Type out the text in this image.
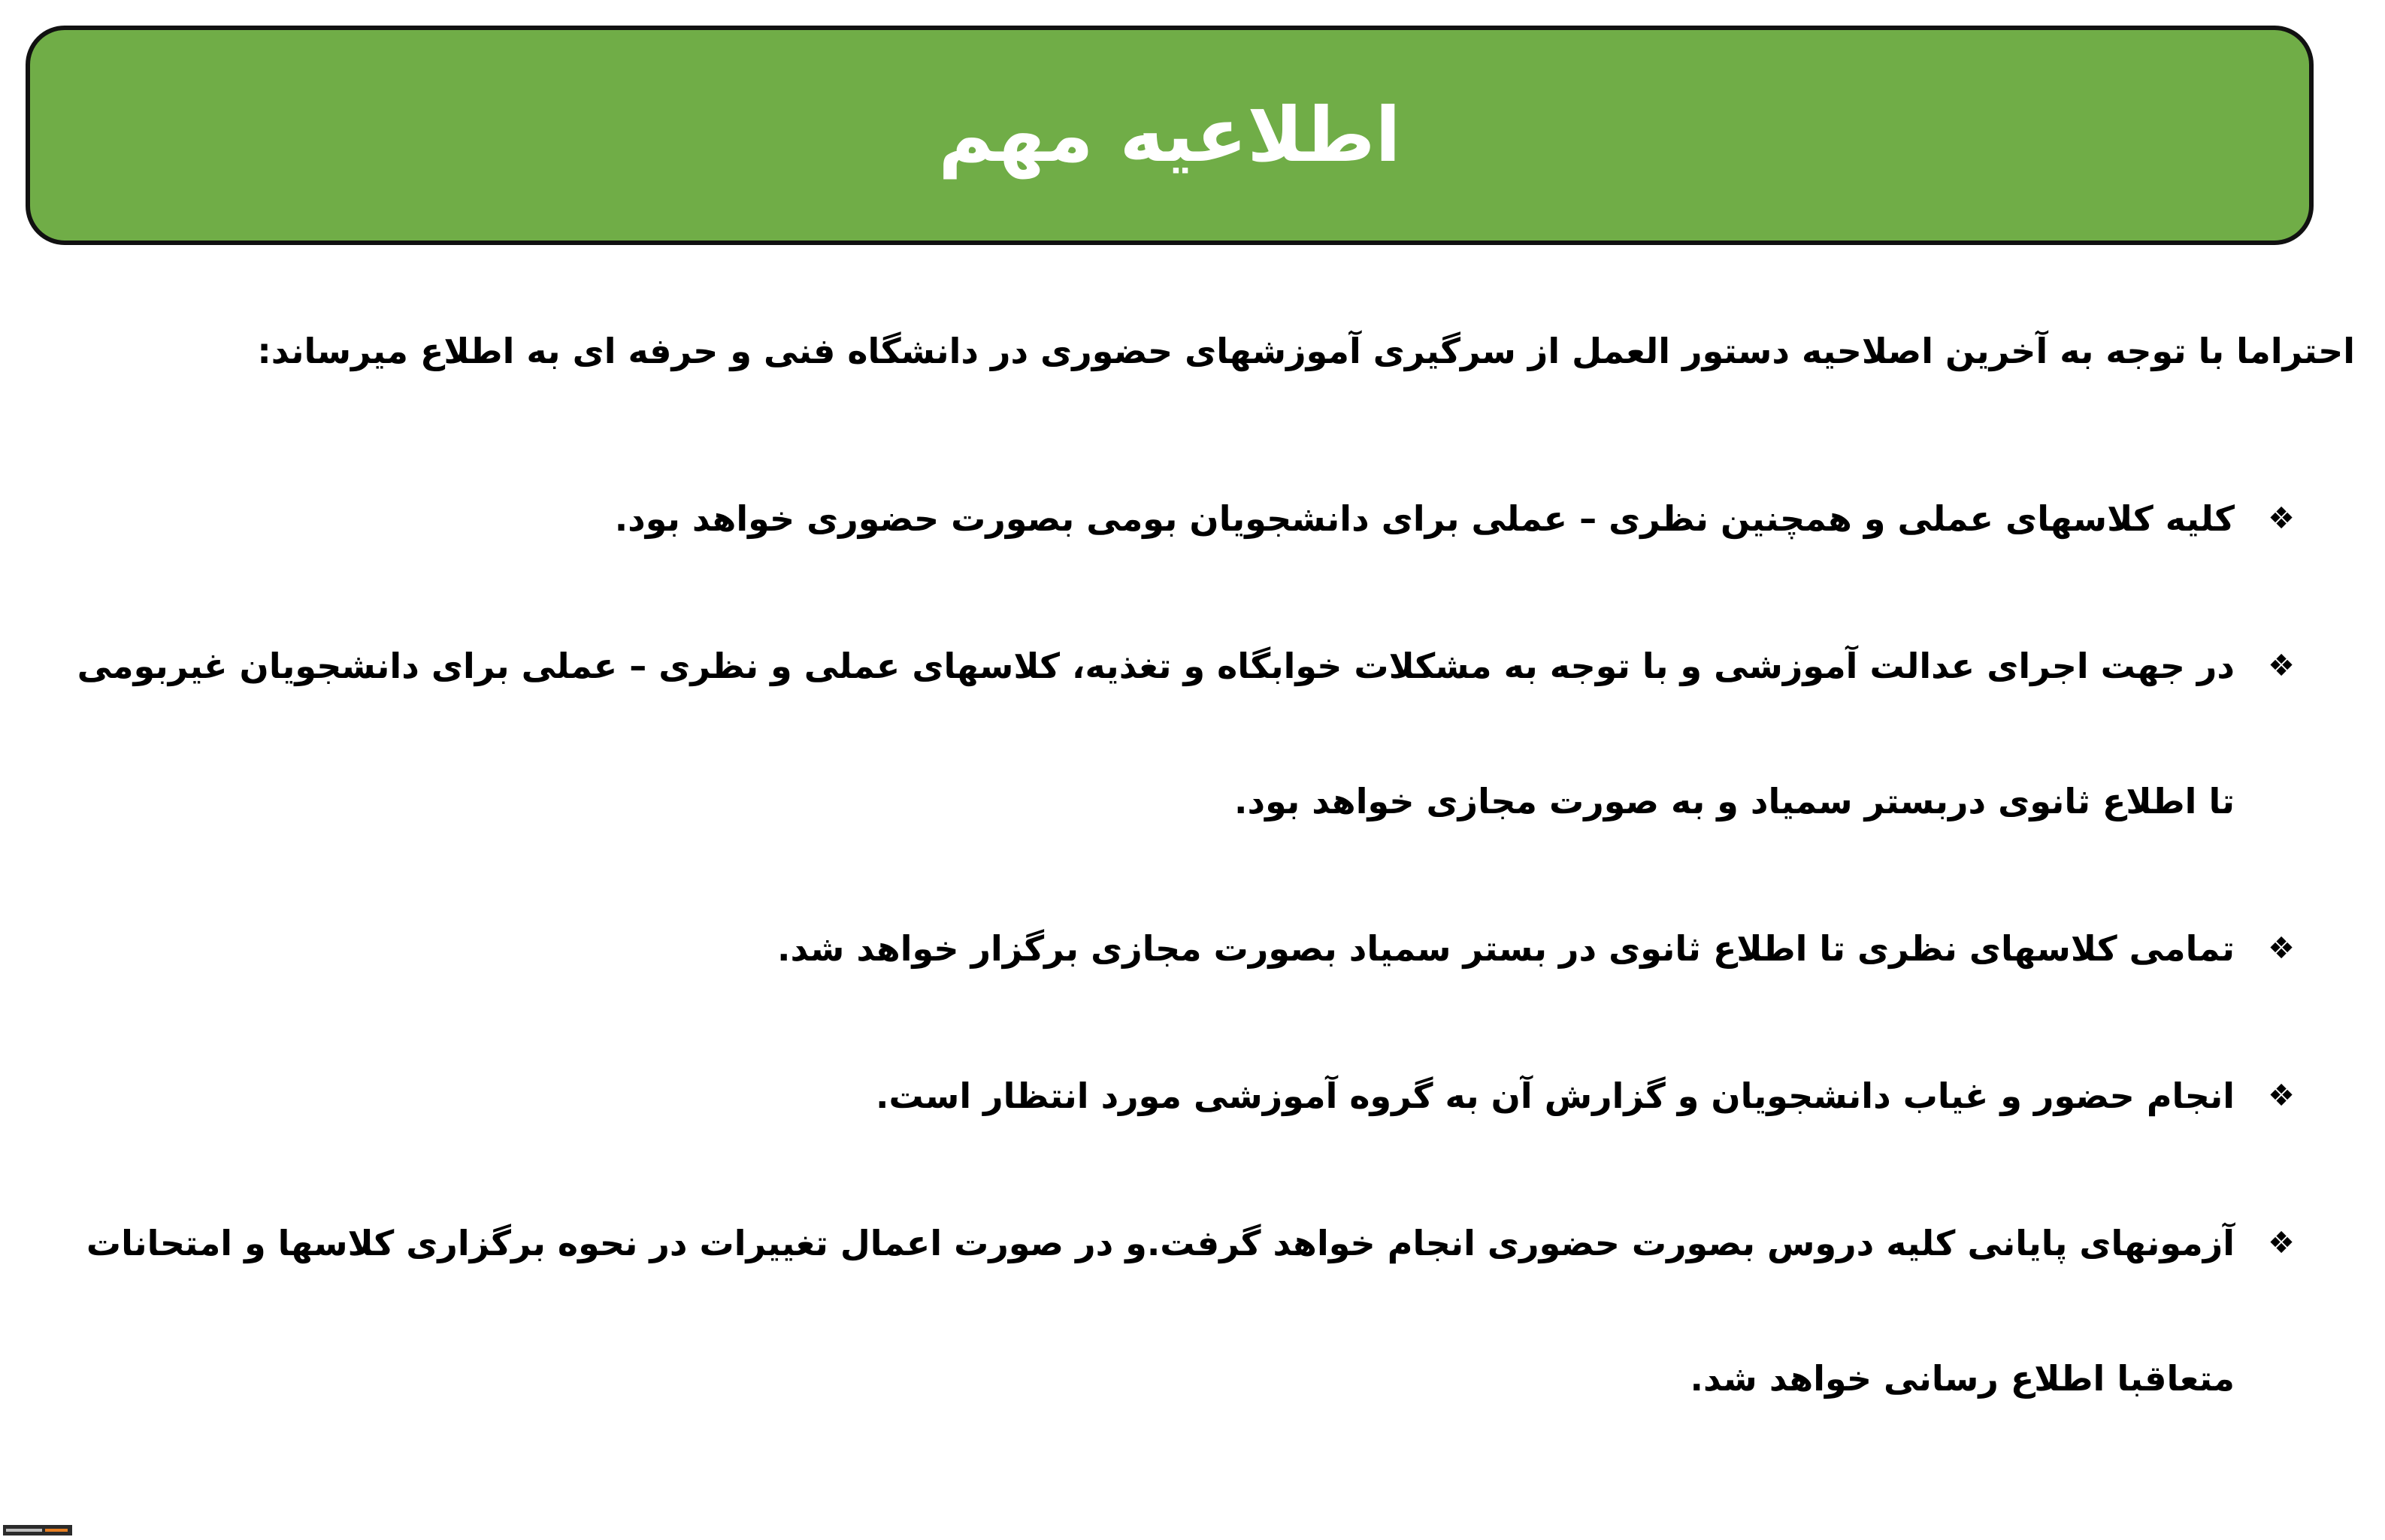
اطلاعیه مهم
احتراما با توجه به آخرین اصلاحیه دستور العمل از سرگیری آموزشهای حضوری در دانشگاه فنی و حرفه ای به اطلاع میرساند:
❖
کلیه کلاسهای عملی و همچنین نظری – عملی برای دانشجویان بومی بصورت حضوری خواهد بود.
❖
در جهت اجرای عدالت آموزشی و با توجه به مشکلات خوابگاه و تغذیه، کلاسهای عملی و نظری – عملی برای دانشجویان غیربومی تا اطلاع ثانوی دربستر سمیاد و به صورت مجازی خواهد بود.
❖
تمامی کلاسهای نظری تا اطلاع ثانوی در بستر سمیاد بصورت مجازی برگزار خواهد شد.
❖
انجام حضور و غیاب دانشجویان و گزارش آن به گروه آموزشی مورد انتظار است.
❖
آزمونهای پایانی کلیه دروس بصورت حضوری انجام خواهد گرفت.و در صورت اعمال تغییرات در نحوه برگزاری کلاسها و امتحانات متعاقبا اطلاع رسانی خواهد شد.
